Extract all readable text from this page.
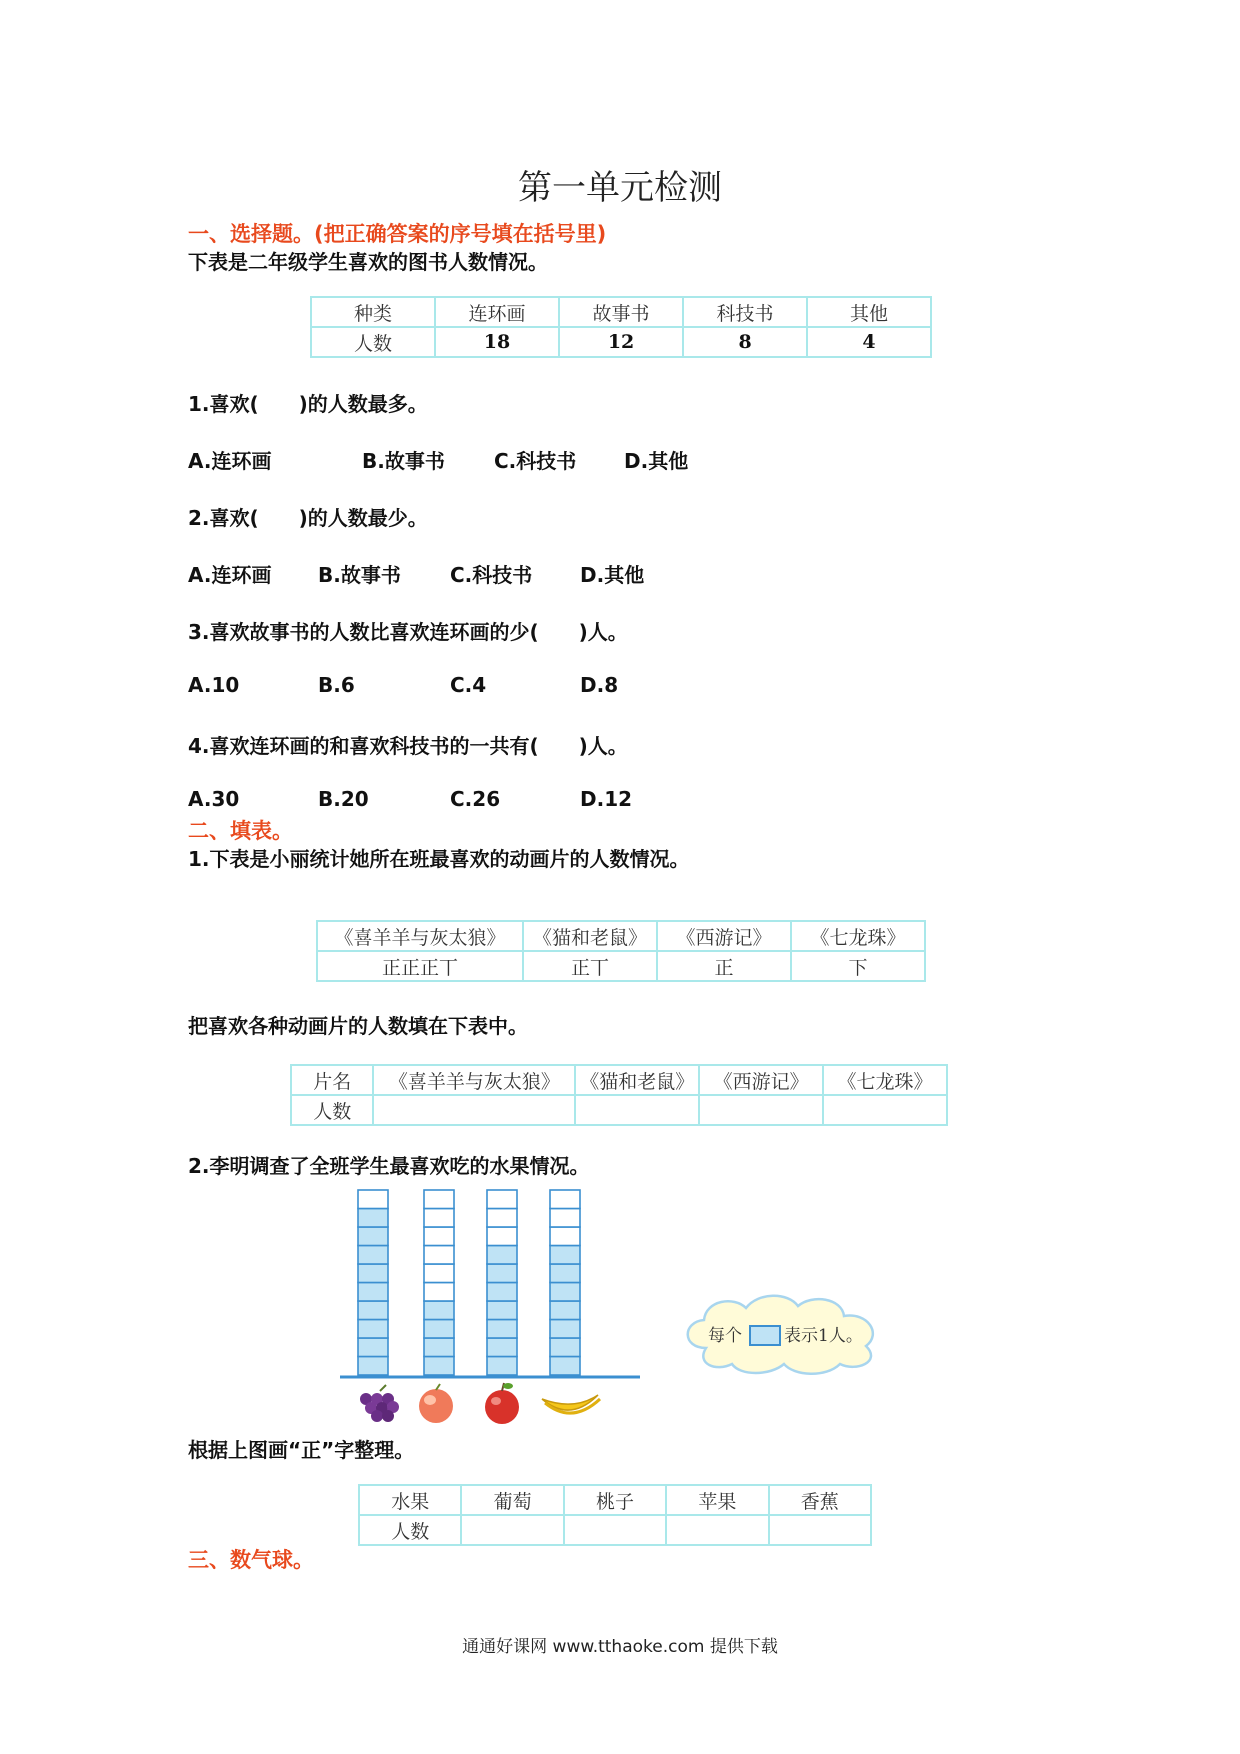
第一单元检测
一、选择题。(把正确答案的序号填在括号里)
下表是二年级学生喜欢的图书人数情况。
种类	连环画	故事书	科技书	其他
人数	18	12	8	4
1.喜欢(　　)的人数最多。
A.连环画	B.故事书 C.科技书 D.其他
2.喜欢(　　)的人数最少。
A.连环画 B.故事书 C.科技书 D.其他
3.喜欢故事书的人数比喜欢连环画的少(　　)人。
A.10	B.6	C.4	D.8
4.喜欢连环画的和喜欢科技书的一共有(　　)人。
A.30	B.20	C.26	D.12
二、填表。
1.下表是小丽统计她所在班最喜欢的动画片的人数情况。
《喜羊羊与灰太狼》	《猫和老鼠》	《西游记》	《七龙珠》
正正正丅	正丅	正	下
把喜欢各种动画片的人数填在下表中。
片名	《喜羊羊与灰太狼》	《猫和老鼠》	《西游记》	《七龙珠》
人数				
2.李明调查了全班学生最喜欢吃的水果情况。
每个 表示1人。
根据上图画“正”字整理。
水果	葡萄	桃子	苹果	香蕉
人数				
三、数气球。
通通好课网 www.tthaoke.com 提供下载
